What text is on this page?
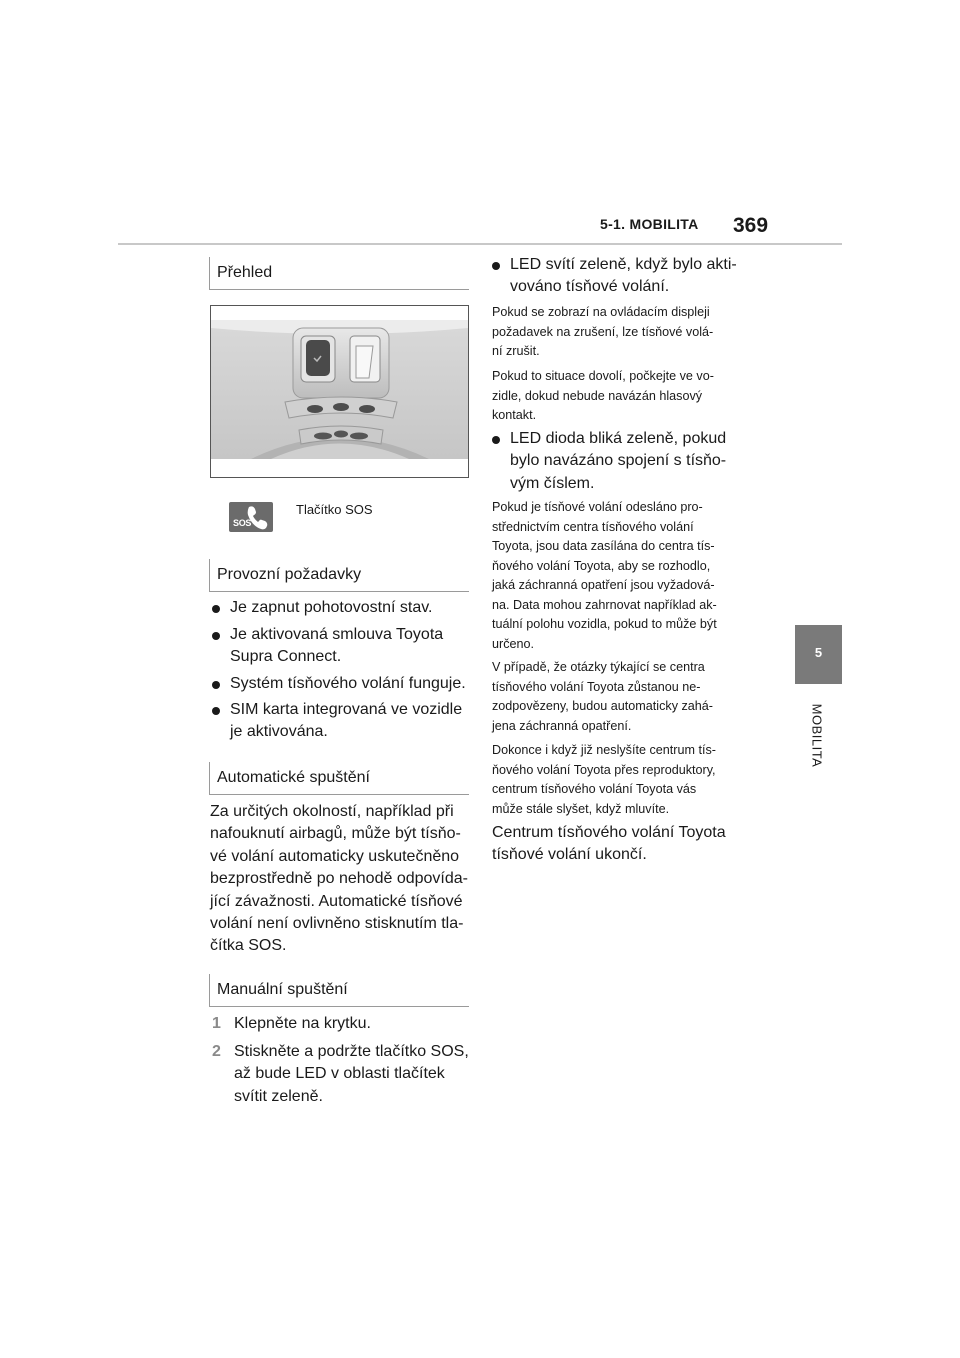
5-1. MOBILITA 369
5
MOBILITA
Přehled
SOS
Tlačítko SOS
Provozní požadavky
Je zapnut pohotovostní stav.
Je aktivovaná smlouva Toyota
Supra Connect.
Systém tísňového volání funguje.
SIM karta integrovaná ve vozidle
je aktivována.
Automatické spuštění
Za určitých okolností, například při
nafouknutí airbagů, může být tísňo-
vé volání automaticky uskutečněno
bezprostředně po nehodě odpovída-
jící závažnosti. Automatické tísňové
volání není ovlivněno stisknutím tla-
čítka SOS.
Manuální spuštění
1 Klepněte na krytku.
2 Stiskněte a podržte tlačítko SOS,
až bude LED v oblasti tlačítek
svítit zeleně.
LED svítí zeleně, když bylo akti-
vováno tísňové volání.
Pokud se zobrazí na ovládacím displeji
požadavek na zrušení, lze tísňové volá-
ní zrušit.
Pokud to situace dovolí, počkejte ve vo-
zidle, dokud nebude navázán hlasový
kontakt.
LED dioda bliká zeleně, pokud
bylo navázáno spojení s tísňo-
vým číslem.
Pokud je tísňové volání odesláno pro-
střednictvím centra tísňového volání
Toyota, jsou data zasílána do centra tís-
ňového volání Toyota, aby se rozhodlo,
jaká záchranná opatření jsou vyžadová-
na. Data mohou zahrnovat například ak-
tuální polohu vozidla, pokud to může být
určeno.
V případě, že otázky týkající se centra
tísňového volání Toyota zůstanou ne-
zodpovězeny, budou automaticky zahá-
jena záchranná opatření.
Dokonce i když již neslyšíte centrum tís-
ňového volání Toyota přes reproduktory,
centrum tísňového volání Toyota vás
může stále slyšet, když mluvíte.
Centrum tísňového volání Toyota
tísňové volání ukončí.
